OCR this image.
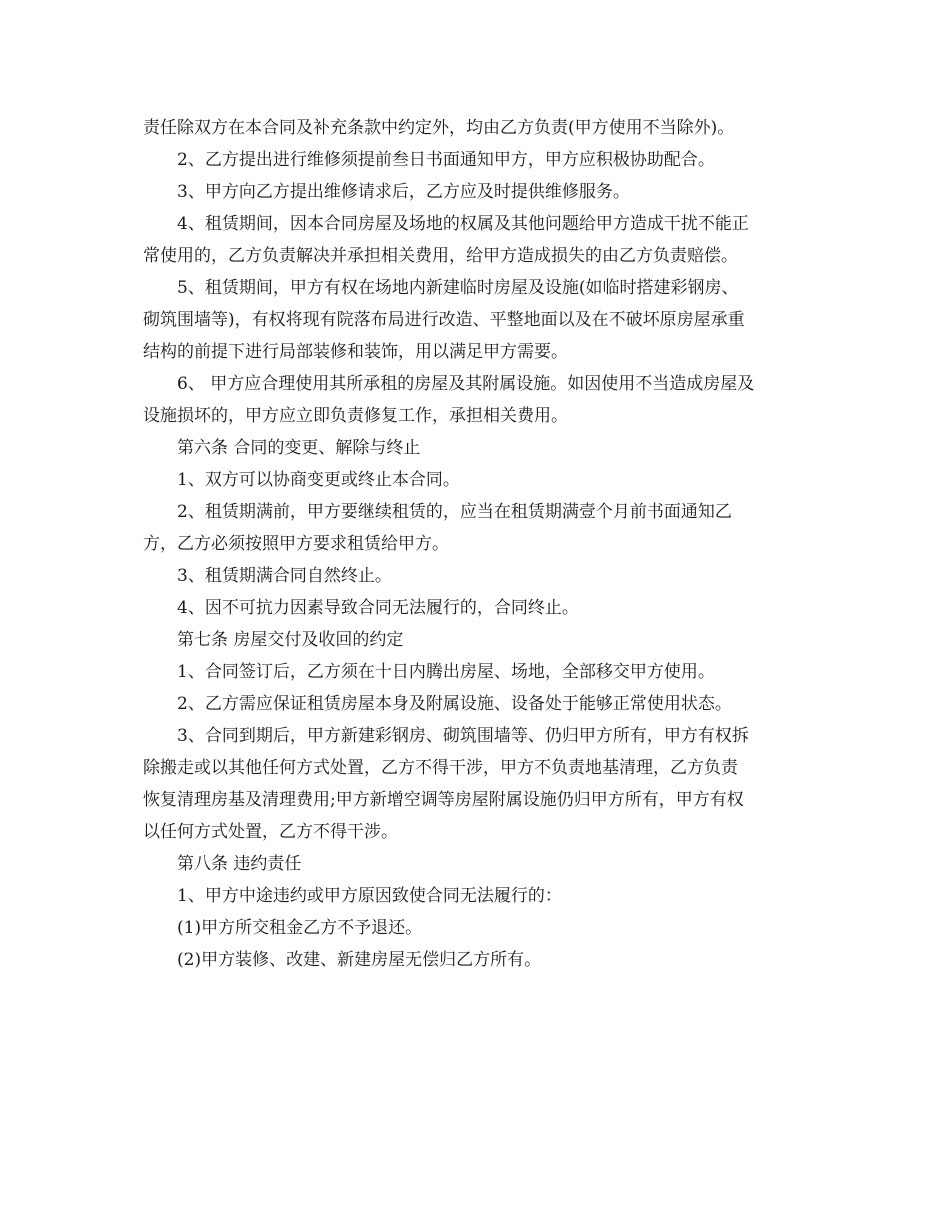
责任除双方在本合同及补充条款中约定外，均由乙方负责(甲方使用不当除外)。

2、乙方提出进行维修须提前叁日书面通知甲方，甲方应积极协助配合。

3、甲方向乙方提出维修请求后，乙方应及时提供维修服务。

4、租赁期间，因本合同房屋及场地的权属及其他问题给甲方造成干扰不能正
常使用的，乙方负责解决并承担相关费用，给甲方造成损失的由乙方负责赔偿。

5、租赁期间，甲方有权在场地内新建临时房屋及设施(如临时搭建彩钢房、
砌筑围墙等)，有权将现有院落布局进行改造、平整地面以及在不破坏原房屋承重
结构的前提下进行局部装修和装饰，用以满足甲方需要。

6、 甲方应合理使用其所承租的房屋及其附属设施。如因使用不当造成房屋及
设施损坏的，甲方应立即负责修复工作，承担相关费用。

第六条 合同的变更、解除与终止

1、双方可以协商变更或终止本合同。

2、租赁期满前，甲方要继续租赁的，应当在租赁期满壹个月前书面通知乙
方，乙方必须按照甲方要求租赁给甲方。

3、租赁期满合同自然终止。

4、因不可抗力因素导致合同无法履行的，合同终止。

第七条 房屋交付及收回的约定

1、合同签订后，乙方须在十日内腾出房屋、场地，全部移交甲方使用。

2、乙方需应保证租赁房屋本身及附属设施、设备处于能够正常使用状态。

3、合同到期后，甲方新建彩钢房、砌筑围墙等、仍归甲方所有，甲方有权拆
除搬走或以其他任何方式处置，乙方不得干涉，甲方不负责地基清理，乙方负责
恢复清理房基及清理费用;甲方新增空调等房屋附属设施仍归甲方所有，甲方有权
以任何方式处置，乙方不得干涉。

第八条 违约责任

1、甲方中途违约或甲方原因致使合同无法履行的：

(1)甲方所交租金乙方不予退还。

(2)甲方装修、改建、新建房屋无偿归乙方所有。
